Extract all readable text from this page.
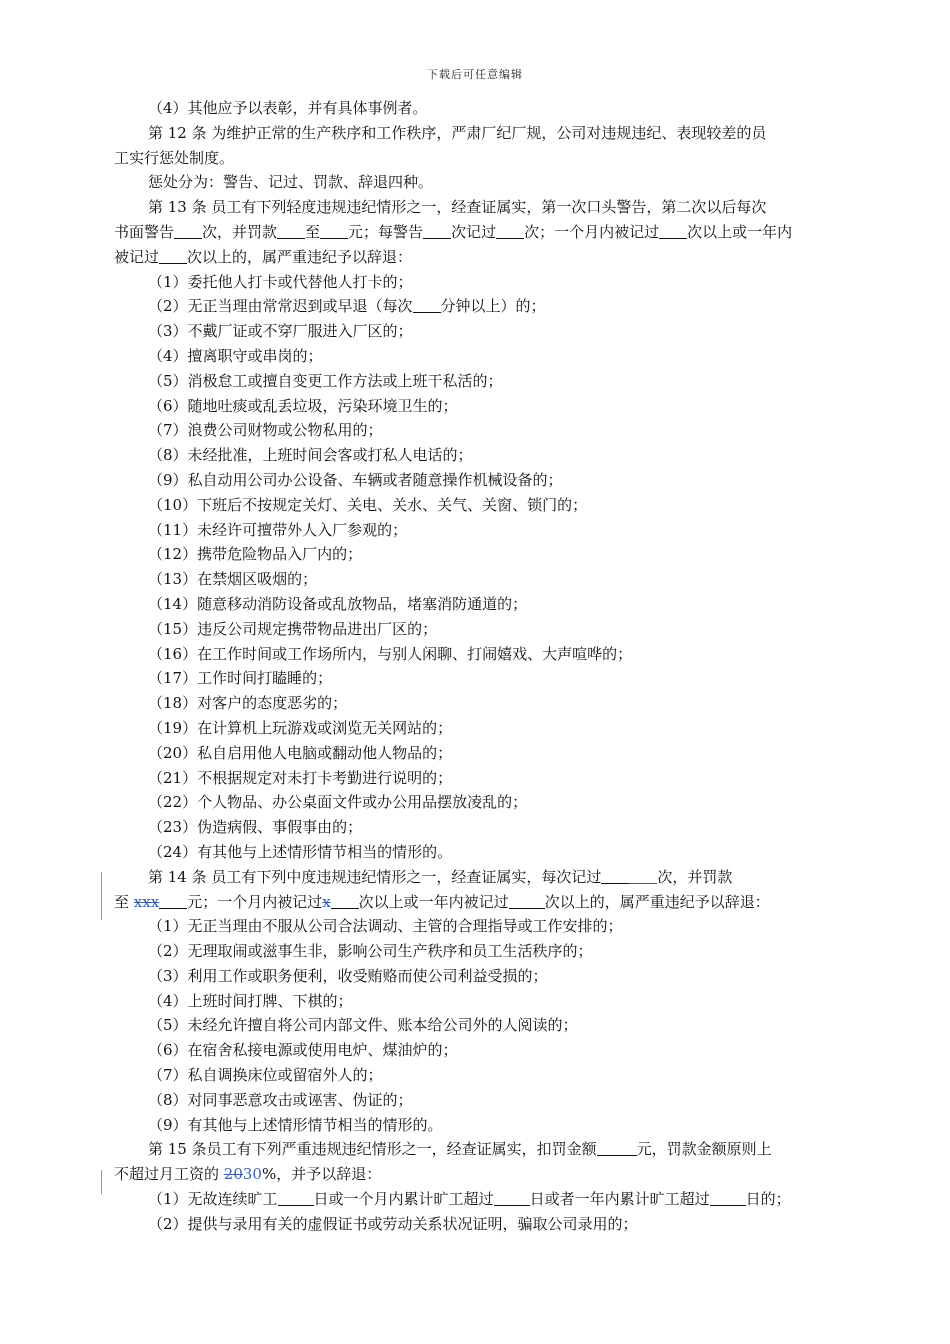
下载后可任意编辑
（4）其他应予以表彰，并有具体事例者。
第 12 条 为维护正常的生产秩序和工作秩序，严肃厂纪厂规，公司对违规违纪、表现较差的员
工实行惩处制度。
惩处分为：警告、记过、罚款、辞退四种。
第 13 条 员工有下列轻度违规违纪情形之一，经查证属实，第一次口头警告，第二次以后每次
书面警告 次，并罚款 至 元；每警告 次记过 次；一个月内被记过 次以上或一年内
被记过 次以上的，属严重违纪予以辞退：
（1）委托他人打卡或代替他人打卡的；
（2）无正当理由常常迟到或早退（每次 分钟以上）的；
（3）不戴厂证或不穿厂服进入厂区的；
（4）擅离职守或串岗的；
（5）消极怠工或擅自变更工作方法或上班干私活的；
（6）随地吐痰或乱丢垃圾，污染环境卫生的；
（7）浪费公司财物或公物私用的；
（8）未经批准，上班时间会客或打私人电话的；
（9）私自动用公司办公设备、车辆或者随意操作机械设备的；
（10）下班后不按规定关灯、关电、关水、关气、关窗、锁门的；
（11）未经许可擅带外人入厂参观的；
（12）携带危险物品入厂内的；
（13）在禁烟区吸烟的；
（14）随意移动消防设备或乱放物品，堵塞消防通道的；
（15）违反公司规定携带物品进出厂区的；
（16）在工作时间或工作场所内，与别人闲聊、打闹嬉戏、大声喧哗的；
（17）工作时间打瞌睡的；
（18）对客户的态度恶劣的；
（19）在计算机上玩游戏或浏览无关网站的；
（20）私自启用他人电脑或翻动他人物品的；
（21）不根据规定对未打卡考勤进行说明的；
（22）个人物品、办公桌面文件或办公用品摆放凌乱的；
（23）伪造病假、事假事由的；
（24）有其他与上述情形情节相当的情形的。
第 14 条 员工有下列中度违规违纪情形之一，经查证属实，每次记过	次，并罚款
至 xxx 元；一个月内被记过x 次以上或一年内被记过 次以上的，属严重违纪予以辞退：
（1）无正当理由不服从公司合法调动、主管的合理指导或工作安排的；
（2）无理取闹或滋事生非，影响公司生产秩序和员工生活秩序的；
（3）利用工作或职务便利，收受贿赂而使公司利益受损的；
（4）上班时间打牌、下棋的；
（5）未经允许擅自将公司内部文件、账本给公司外的人阅读的；
（6）在宿舍私接电源或使用电炉、煤油炉的；
（7）私自调换床位或留宿外人的；
（8）对同事恶意攻击或诬害、伪证的；
（9）有其他与上述情形情节相当的情形的。
第 15 条员工有下列严重违规违纪情形之一，经查证属实，扣罚金额	元，罚款金额原则上
不超过月工资的 2030%，并予以辞退：
（1）无故连续旷工 日或一个月内累计旷工超过 日或者一年内累计旷工超过 日的；
（2）提供与录用有关的虚假证书或劳动关系状况证明，骗取公司录用的；
